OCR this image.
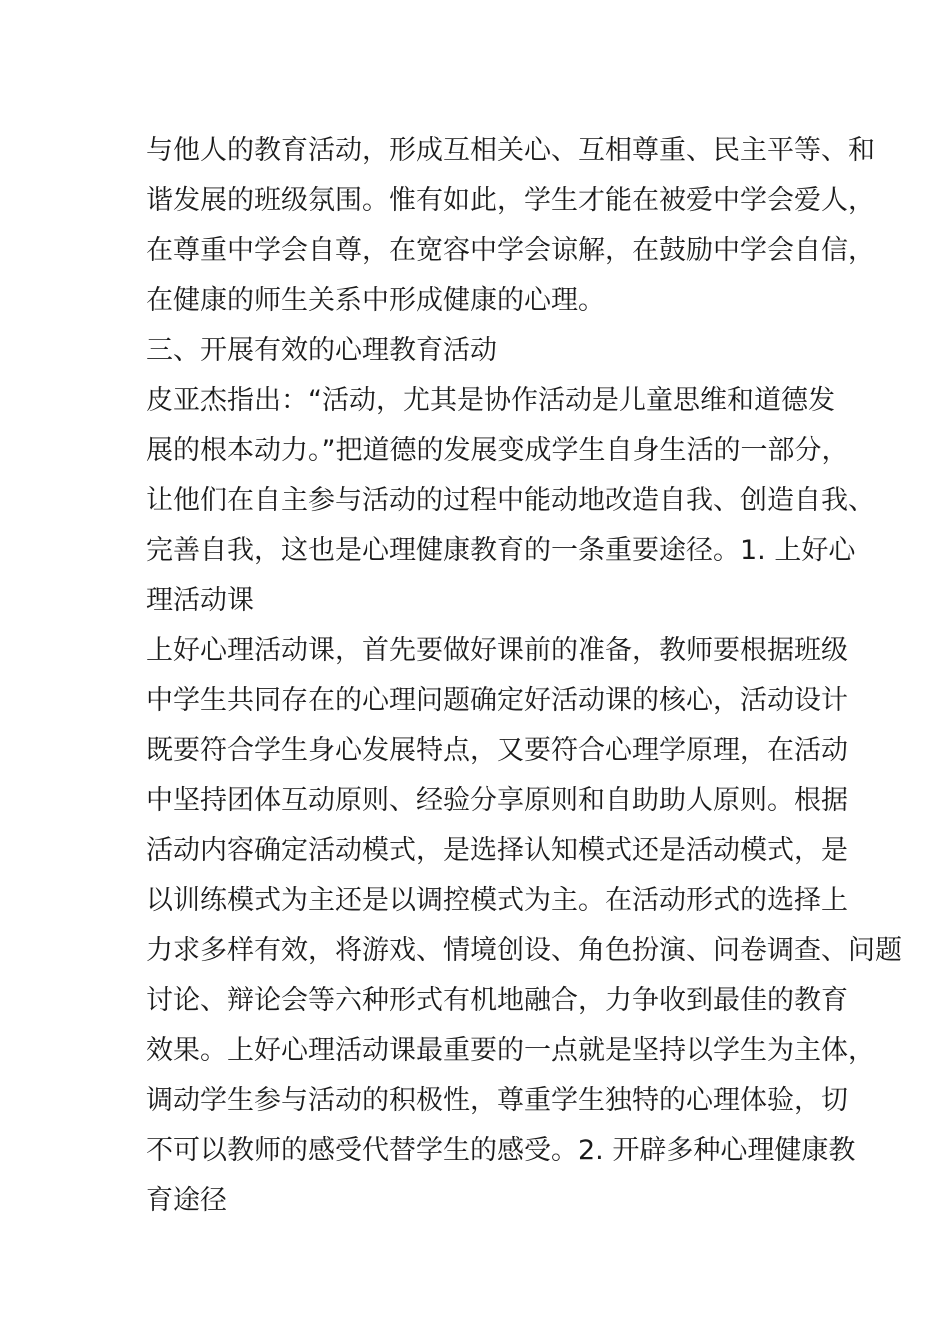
与他人的教育活动，形成互相关心、互相尊重、民主平等、和
谐发展的班级氛围。惟有如此，学生才能在被爱中学会爱人，
在尊重中学会自尊，在宽容中学会谅解，在鼓励中学会自信，
在健康的师生关系中形成健康的心理。
三、开展有效的心理教育活动
皮亚杰指出：“活动，尤其是协作活动是儿童思维和道德发
展的根本动力。”把道德的发展变成学生自身生活的一部分，
让他们在自主参与活动的过程中能动地改造自我、创造自我、
完善自我，这也是心理健康教育的一条重要途径。1. 上好心
理活动课
上好心理活动课，首先要做好课前的准备，教师要根据班级
中学生共同存在的心理问题确定好活动课的核心，活动设计
既要符合学生身心发展特点，又要符合心理学原理，在活动
中坚持团体互动原则、经验分享原则和自助助人原则。根据
活动内容确定活动模式，是选择认知模式还是活动模式，是
以训练模式为主还是以调控模式为主。在活动形式的选择上
力求多样有效，将游戏、情境创设、角色扮演、问卷调查、问题
讨论、辩论会等六种形式有机地融合，力争收到最佳的教育
效果。上好心理活动课最重要的一点就是坚持以学生为主体，
调动学生参与活动的积极性，尊重学生独特的心理体验，切
不可以教师的感受代替学生的感受。2. 开辟多种心理健康教
育途径
